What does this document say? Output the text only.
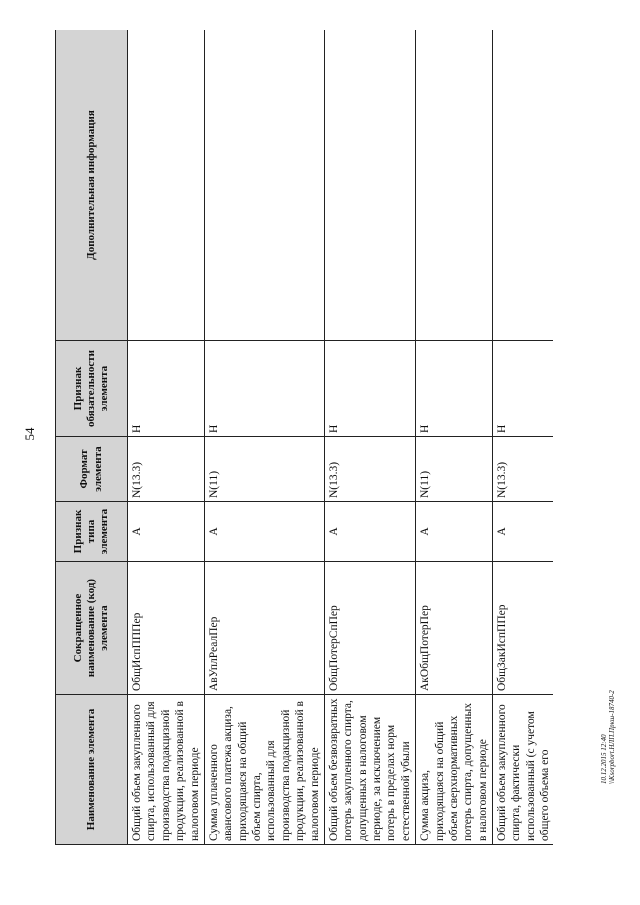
54
Наименование элемента	Сокращенное наименование (код) элемента	Признак типа элемента	Формат элемента	Признак обязательности элемента	Дополнительная информация
Общий объем закупленного спирта, использованный для производства подакцизной продукции, реализованной в налоговом периоде	ОбщИспПППер	А	N(13.3)	Н	
Сумма уплаченного авансового платежа акциза, приходящаяся на общий объем спирта, использованный для производства подакцизной продукции, реализованной в налоговом периоде	АвУплРеалПер	А	N(11)	Н	
Общий объем безвозвратных потерь закупленного спирта, допущенных в налоговом периоде, за исключением потерь в пределах норм естественной убыли	ОбщПотерСпПер	А	N(13.3)	Н	
Сумма акциза, приходящаяся на общий объем сверхнормативных потерь спирта, допущенных в налоговом периоде	АкОбщПотерПер	А	N(11)	Н	
Общий объем закупленного спирта, фактически использованный (с учетом общего объема его	ОбщЗакИспППер	А	N(13.3)	Н	
10.12.2015 12:40 \\Ksorpbort.НЛП.Пркш-18740-2
